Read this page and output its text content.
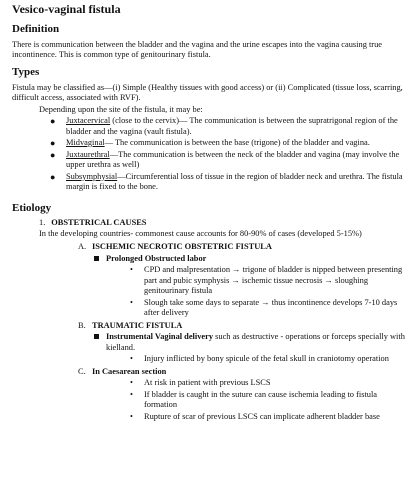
Vesico-vaginal fistula
Definition

There is communication between the bladder and the vagina and the urine escapes into the vagina causing true incontinence. This is common type of genitourinary fistula.

Types

Fistula may be classified as—(i) Simple (Healthy tissues with good access) or (ii) Complicated (tissue loss, scarring, difficult access, associated with RVF).

Depending upon the site of the fistula, it may be:

● Juxtacervical (close to the cervix)— The communication is between the supratrigonal region of the bladder and the vagina (vault fistula).
● Midvaginal— The communication is between the base (trigone) of the bladder and vagina.
● Juxtaurethral—The communication is between the neck of the bladder and vagina (may involve the upper urethra as well)
● Subsymphysial—Circumferential loss of tissue in the region of bladder neck and urethra. The fistula margin is fixed to the bone.
Etiology
1. OBSTETRICAL CAUSES

In the developing countries- commonest cause accounts for 80-90% of cases (developed 5-15%)

A. ISCHEMIC NECROTIC OBSTETRIC FISTULA
Prolonged Obstructed labor
• CPD and malpresentation → trigone of bladder is nipped between presenting part and pubic symphysis → ischemic tissue necrosis → sloughing genitourinary fistula
• Slough take some days to separate → thus incontinence develops 7-10 days after delivery
B. TRAUMATIC FISTULA
Instrumental Vaginal delivery such as destructive - operations or forceps specially with kielland.
• Injury inflicted by bony spicule of the fetal skull in craniotomy operation
C. In Caesarean section
• At risk in patient with previous LSCS
• If bladder is caught in the suture can cause ischemia leading to fistula formation
• Rupture of scar of previous LSCS can implicate adherent bladder base
